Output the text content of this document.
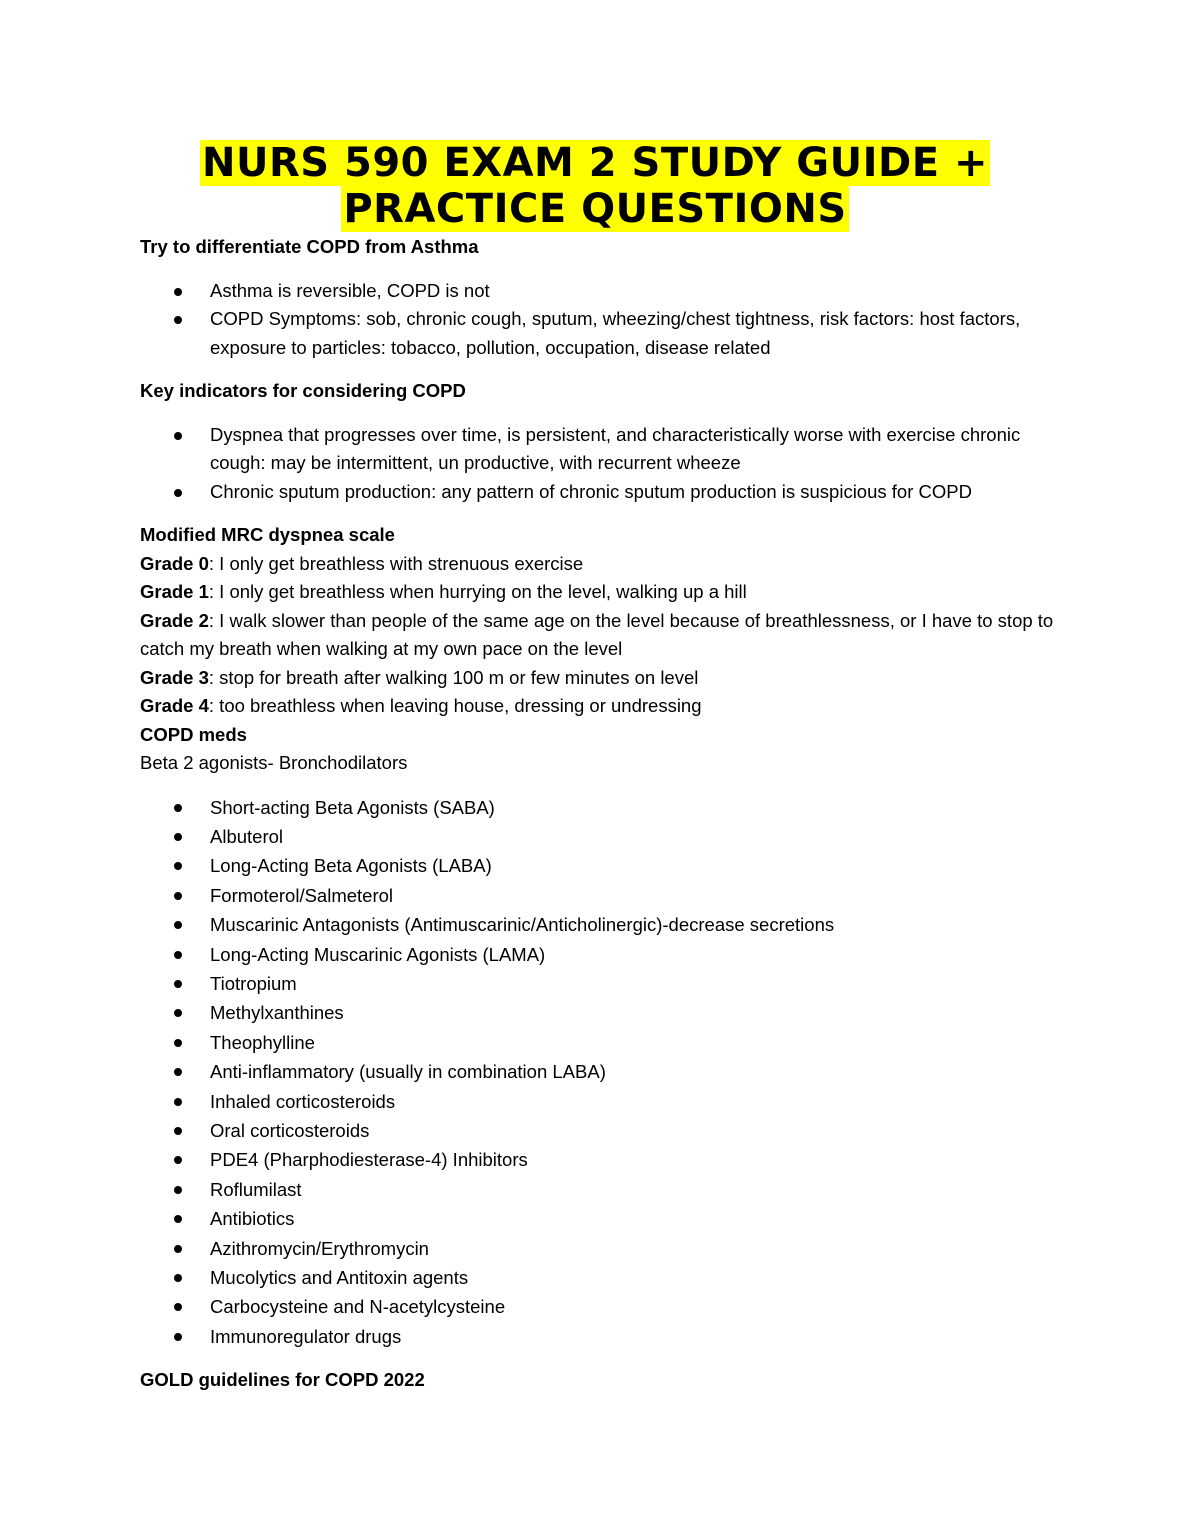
NURS 590 EXAM 2 STUDY GUIDE +
PRACTICE QUESTIONS

Try to differentiate COPD from Asthma

Asthma is reversible, COPD is not
COPD Symptoms: sob, chronic cough, sputum, wheezing/chest tightness, risk factors: host factors, exposure to particles: tobacco, pollution, occupation, disease related

Key indicators for considering COPD

Dyspnea that progresses over time, is persistent, and characteristically worse with exercise chronic cough: may be intermittent, un productive, with recurrent wheeze
Chronic sputum production: any pattern of chronic sputum production is suspicious for COPD

Modified MRC dyspnea scale

Grade 0: I only get breathless with strenuous exercise

Grade 1: I only get breathless when hurrying on the level, walking up a hill

Grade 2: I walk slower than people of the same age on the level because of breathlessness, or I have to stop to catch my breath when walking at my own pace on the level

Grade 3: stop for breath after walking 100 m or few minutes on level

Grade 4: too breathless when leaving house, dressing or undressing

COPD meds

Beta 2 agonists- Bronchodilators

Short-acting Beta Agonists (SABA)
Albuterol
Long-Acting Beta Agonists (LABA)
Formoterol/Salmeterol
Muscarinic Antagonists (Antimuscarinic/Anticholinergic)-decrease secretions
Long-Acting Muscarinic Agonists (LAMA)
Tiotropium
Methylxanthines
Theophylline
Anti-inflammatory (usually in combination LABA)
Inhaled corticosteroids
Oral corticosteroids
PDE4 (Pharphodiesterase-4) Inhibitors
Roflumilast
Antibiotics
Azithromycin/Erythromycin
Mucolytics and Antitoxin agents
Carbocysteine and N-acetylcysteine
Immunoregulator drugs

GOLD guidelines for COPD 2022
